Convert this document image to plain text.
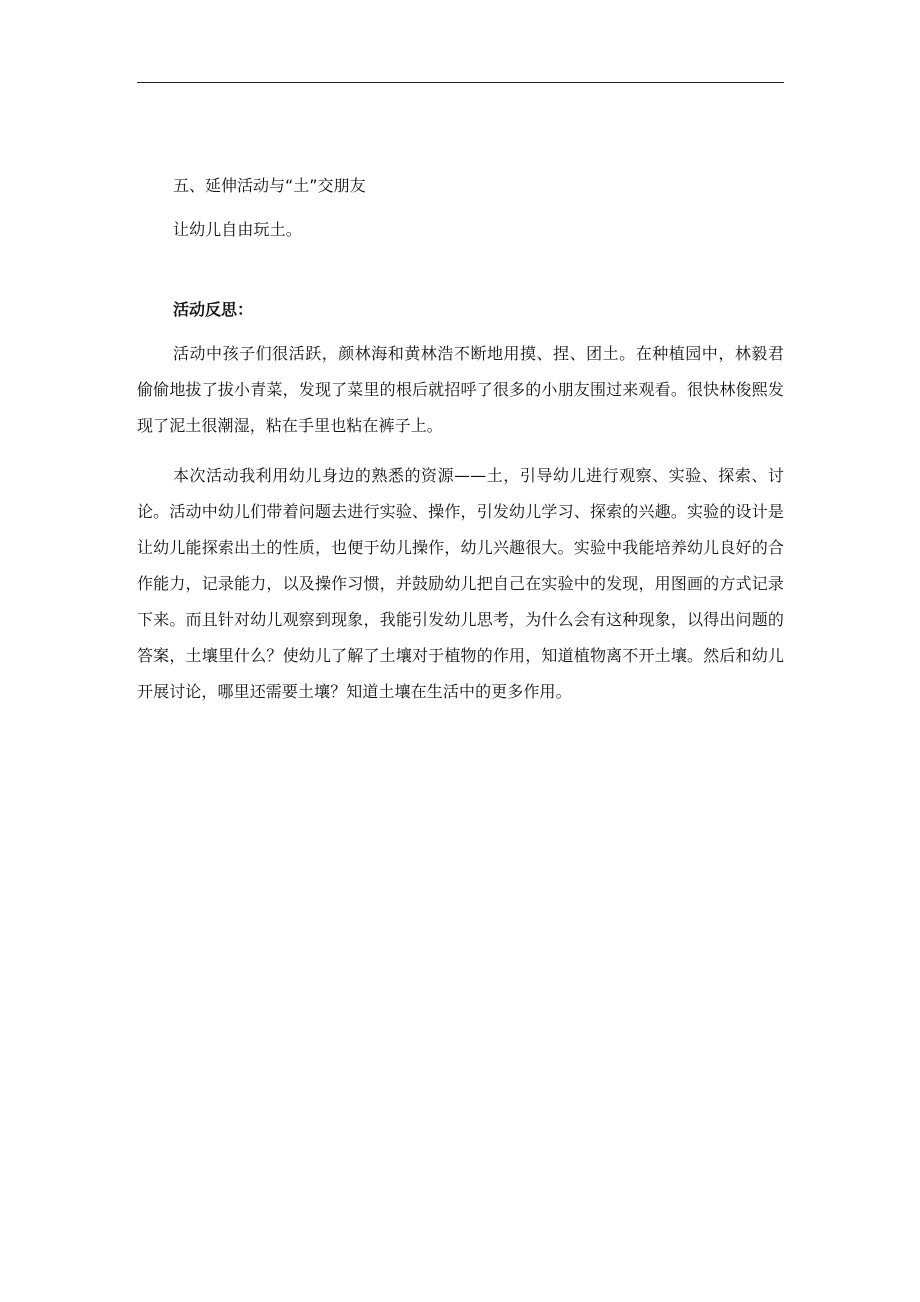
五、延伸活动与“土”交朋友

让幼儿自由玩土。

活动反思：

活动中孩子们很活跃，颜林海和黄林浩不断地用摸、捏、团土。在种植园中，林毅君偷偷地拔了拔小青菜，发现了菜里的根后就招呼了很多的小朋友围过来观看。很快林俊熙发现了泥土很潮湿，粘在手里也粘在裤子上。

本次活动我利用幼儿身边的熟悉的资源——土，引导幼儿进行观察、实验、探索、讨论。活动中幼儿们带着问题去进行实验、操作，引发幼儿学习、探索的兴趣。实验的设计是让幼儿能探索出土的性质，也便于幼儿操作，幼儿兴趣很大。实验中我能培养幼儿良好的合作能力，记录能力，以及操作习惯，并鼓励幼儿把自己在实验中的发现，用图画的方式记录下来。而且针对幼儿观察到现象，我能引发幼儿思考，为什么会有这种现象，以得出问题的答案，土壤里什么？使幼儿了解了土壤对于植物的作用，知道植物离不开土壤。然后和幼儿开展讨论，哪里还需要土壤？知道土壤在生活中的更多作用。
